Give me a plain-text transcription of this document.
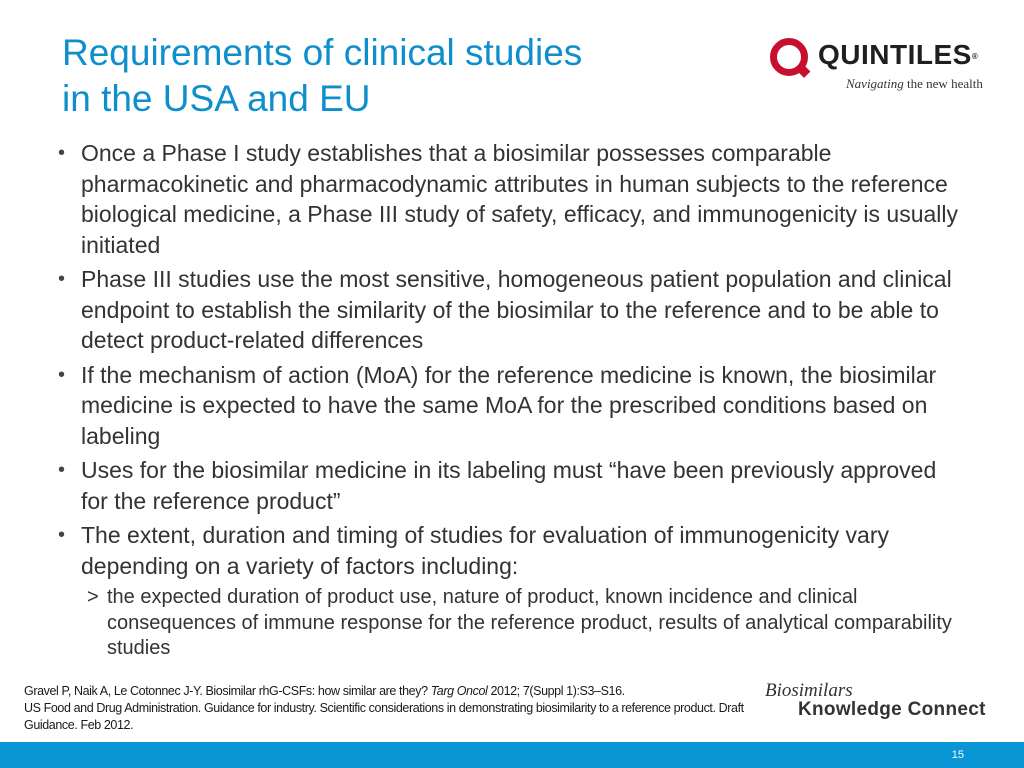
Requirements of clinical studies
in the USA and EU
QUINTILES®
Navigating the new health
• Once a Phase I study establishes that a biosimilar possesses comparable pharmacokinetic and pharmacodynamic attributes in human subjects to the reference biological medicine, a Phase III study of safety, efficacy, and immunogenicity is usually initiated
• Phase III studies use the most sensitive, homogeneous patient population and clinical endpoint to establish the similarity of the biosimilar to the reference and to be able to detect product-related differences
• If the mechanism of action (MoA) for the reference medicine is known, the biosimilar medicine is expected to have the same MoA for the prescribed conditions based on labeling
• Uses for the biosimilar medicine in its labeling must “have been previously approved for the reference product”
• The extent, duration and timing of studies for evaluation of immunogenicity vary depending on a variety of factors including:
> the expected duration of product use, nature of product, known incidence and clinical consequences of immune response for the reference product, results of analytical comparability studies
Gravel P, Naik A, Le Cotonnec J-Y. Biosimilar rhG-CSFs: how similar are they? Targ Oncol 2012; 7(Suppl 1):S3–S16.
US Food and Drug Administration. Guidance for industry. Scientific considerations in demonstrating biosimilarity to a reference product. Draft Guidance. Feb 2012.
Biosimilars
Knowledge Connect
15
